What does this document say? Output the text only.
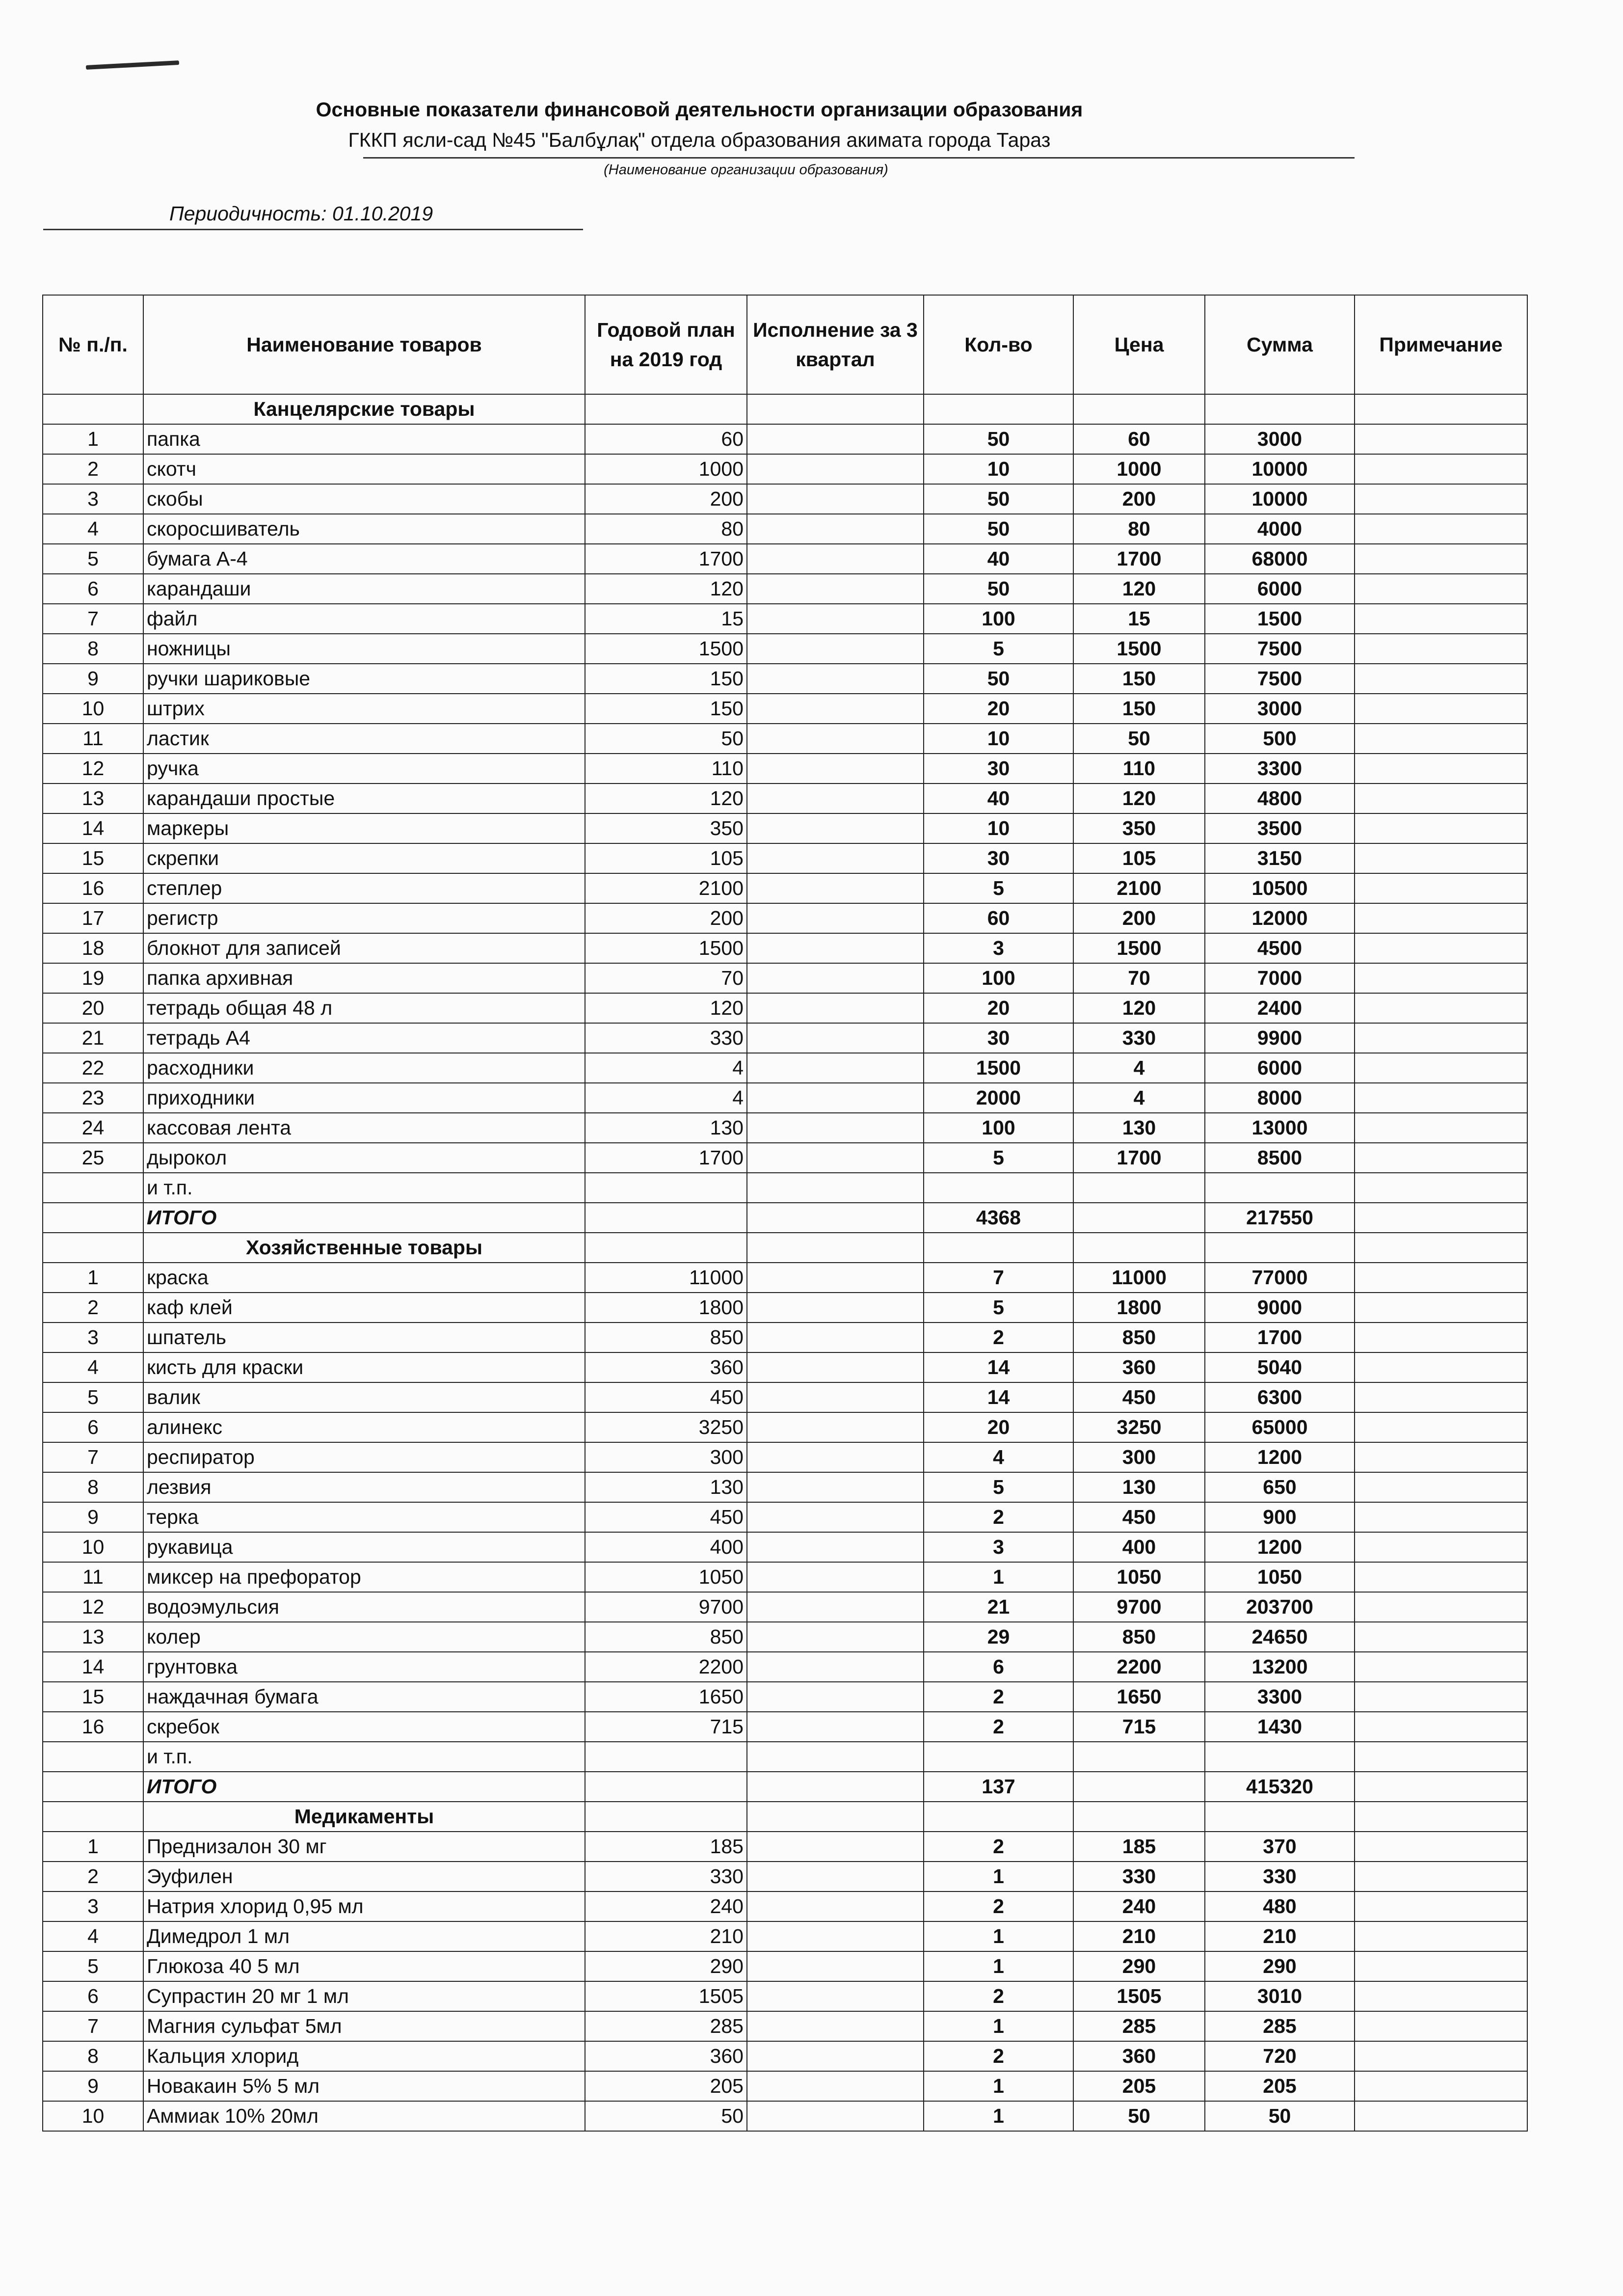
Основные показатели финансовой деятельности организации образования
ГККП ясли-сад №45 "Балбұлақ" отдела образования акимата города Тараз
(Наименование организации образования)
Периодичность: 01.10.2019
№ п./п.	Наименование товаров	Годовой план на 2019 год	Исполнение за 3 квартал	Кол-во	Цена	Сумма	Примечание
	Канцелярские товары						
1	папка	60		50	60	3000	
2	скотч	1000		10	1000	10000	
3	скобы	200		50	200	10000	
4	скоросшиватель	80		50	80	4000	
5	бумага А-4	1700		40	1700	68000	
6	карандаши	120		50	120	6000	
7	файл	15		100	15	1500	
8	ножницы	1500		5	1500	7500	
9	ручки шариковые	150		50	150	7500	
10	штрих	150		20	150	3000	
11	ластик	50		10	50	500	
12	ручка	110		30	110	3300	
13	карандаши простые	120		40	120	4800	
14	маркеры	350		10	350	3500	
15	скрепки	105		30	105	3150	
16	степлер	2100		5	2100	10500	
17	регистр	200		60	200	12000	
18	блокнот для записей	1500		3	1500	4500	
19	папка архивная	70		100	70	7000	
20	тетрадь общая 48 л	120		20	120	2400	
21	тетрадь А4	330		30	330	9900	
22	расходники	4		1500	4	6000	
23	приходники	4		2000	4	8000	
24	кассовая лента	130		100	130	13000	
25	дырокол	1700		5	1700	8500	
	и т.п.						
	ИТОГО			4368		217550	
	Хозяйственные товары						
1	краска	11000		7	11000	77000	
2	каф клей	1800		5	1800	9000	
3	шпатель	850		2	850	1700	
4	кисть для краски	360		14	360	5040	
5	валик	450		14	450	6300	
6	алинекс	3250		20	3250	65000	
7	респиратор	300		4	300	1200	
8	лезвия	130		5	130	650	
9	терка	450		2	450	900	
10	рукавица	400		3	400	1200	
11	миксер на префоратор	1050		1	1050	1050	
12	водоэмульсия	9700		21	9700	203700	
13	колер	850		29	850	24650	
14	грунтовка	2200		6	2200	13200	
15	наждачная бумага	1650		2	1650	3300	
16	скребок	715		2	715	1430	
	и т.п.						
	ИТОГО			137		415320	
	Медикаменты						
1	Преднизалон 30 мг	185		2	185	370	
2	Эуфилен	330		1	330	330	
3	Натрия хлорид 0,95 мл	240		2	240	480	
4	Димедрол 1 мл	210		1	210	210	
5	Глюкоза 40 5 мл	290		1	290	290	
6	Супрастин 20 мг 1 мл	1505		2	1505	3010	
7	Магния сульфат 5мл	285		1	285	285	
8	Кальция хлорид	360		2	360	720	
9	Новакаин 5% 5 мл	205		1	205	205	
10	Аммиак 10% 20мл	50		1	50	50	
